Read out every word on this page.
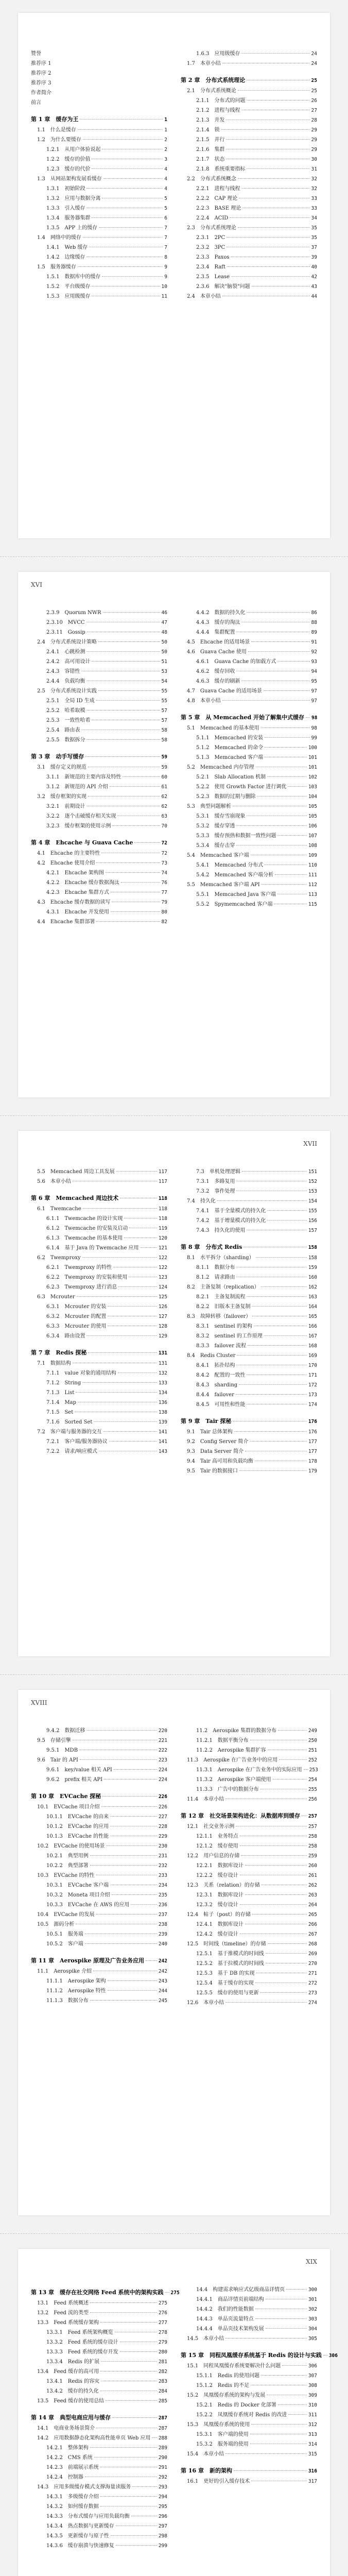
赞誉
推荐序 1
推荐序 2
推荐序 3
作者简介
前言
第 1 章　缓存为王	1
1.1　什么是缓存	1
1.2　为什么要缓存	2
1.2.1　从用户体验说起	2
1.2.2　缓存的价值	3
1.2.3　缓存的代价	4
1.3　从网站架构发展看缓存	4
1.3.1　初始阶段	4
1.3.2　应用与数据分离	5
1.3.3　引入缓存	5
1.3.4　服务器集群	6
1.3.5　APP 上的缓存	7
1.4　网络中的缓存	7
1.4.1　Web 缓存	7
1.4.2　边缘缓存	8
1.5　服务器缓存	9
1.5.1　数据库中的缓存	9
1.5.2　平台级缓存	10
1.5.3　应用级缓存	11
1.6.3　应用级缓存	24
1.7　本章小结	24
第 2 章　分布式系统理论	25
2.1　分布式系统概论	25
2.1.1　分布式的问题	26
2.1.2　进程与线程	27
2.1.3　并发	28
2.1.4　锁	29
2.1.5　并行	29
2.1.6　集群	29
2.1.7　状态	30
2.1.8　系统重要指标	31
2.2　分布式系统概念	32
2.2.1　进程与线程	32
2.2.2　CAP 理论	33
2.2.3　BASE 理论	33
2.2.4　ACID	34
2.3　分布式系统理论	35
2.3.1　2PC	35
2.3.2　3PC	37
2.3.3　Paxos	39
2.3.4　Raft	40
2.3.5　Lease	42
2.3.6　解决"脑裂"问题	43
2.4　本章小结	44
XVI
2.3.9　Quorum NWR	46
2.3.10　MVCC	47
2.3.11　Gossip	48
2.4　分布式系统设计策略	50
2.4.1　心跳检测	50
2.4.2　高可用设计	51
2.4.3　容错性	53
2.4.4　负载均衡	54
2.5　分布式系统设计实践	55
2.5.1　全局 ID 生成	55
2.5.2　哈希取模	57
2.5.3　一致性哈希	57
2.5.4　路由表	58
2.5.5　数据拆分	58
第 3 章　动手写缓存	59
3.1　缓存定义的规范	59
3.1.1　新规范的主要内容及特性	60
3.1.2　新规范的 API 介绍	61
3.2　缓存框架的实现	62
3.2.1　前期设计	62
3.2.2　逐个击破缓存相关实现	63
3.2.3　缓存框架的使用示例	70
第 4 章　Ehcache 与 Guava Cache	72
4.1　Ehcache 的主要特性	72
4.2　Ehcache 使用介绍	73
4.2.1　Ehcache 架构图	74
4.2.2　Ehcache 缓存数据淘汰	76
4.2.3　Ehcache 集群方式	77
4.3　Ehcache 缓存数据的读写	79
4.3.1　Ehcache 开发使用	80
4.4　Ehcache 集群部署	82
4.4.2　数据的持久化	86
4.4.3　缓存的淘汰	88
4.4.4　集群配置	89
4.5　Ehcache 的适用场景	91
4.6　Guava Cache 使用	92
4.6.1　Guava Cache 的加载方式	93
4.6.2　缓存回收	94
4.6.3　缓存的刷新	95
4.7　Guava Cache 的适用场景	97
4.8　本章小结	97
第 5 章　从 Memcached 开始了解集中式缓存 98
5.1　Memcached 的基本使用	98
5.1.1　Memcached 的安装	99
5.1.2　Memcached 的命令	100
5.1.3　Memcached 客户端	101
5.2　Memcached 内存管理	101
5.2.1　Slab Allocation 机制	102
5.2.2　使用 Growth Factor 进行调优	103
5.2.3　数据的过期与删除	104
5.3　典型问题解析	105
5.3.1　缓存雪崩现象	105
5.3.2　缓存穿透	106
5.3.3　缓存预热和数据一致性问题	107
5.3.4　缓存击穿	108
5.4　Memcached 客户端	109
5.4.1　Memcached 分布式	110
5.4.2　Memcached 客户端分析	111
5.5　Memcached 客户端 API	112
5.5.1　Memcached Java 客户端	113
5.5.2　Spymemcached 客户端	115
XVII
5.5　Memcached 周边工具发展	117
5.6　本章小结	117
第 6 章　Memcached 周边技术	118
6.1　Twemcache	118
6.1.1　Twemcache 的设计实现	118
6.1.2　Twemcache 的安装及启动	119
6.1.3　Twemcache 的基本使用	120
6.1.4　基于 Java 的 Twemcache 应用	121
6.2　Twemproxy	122
6.2.1　Twemproxy 的特性	122
6.2.2　Twemproxy 的安装和使用	123
6.2.3　Twemproxy 进行消息	124
6.3　Mcrouter	125
6.3.1　Mcrouter 的安装	126
6.3.2　Mcrouter 的配置	127
6.3.3　Mcrouter 的使用	128
6.3.4　路由设置	129
第 7 章　Redis 探秘	131
7.1　数据结构	131
7.1.1　value 对象的通用结构	132
7.1.2　String	133
7.1.3　List	134
7.1.4　Map	136
7.1.5　Set	138
7.1.6　Sorted Set	139
7.2　客户端与服务器的交互	141
7.2.1　客户端/服务器协议	141
7.2.2　请求/响应模式	143
7.3　单机处理逻辑	151
7.3.1　多路复用	152
7.3.2　事件处理	153
7.4　持久化	154
7.4.1　基于全量模式的持久化	155
7.4.2　基于增量模式的持久化	156
7.4.3　持久化的使用	157
第 8 章　分布式 Redis	158
8.1　水平拆分（sharding）	158
8.1.1　数据分布	159
8.1.2　请求路由	160
8.2　主备复制（replication）	162
8.2.1　主备复制流程	163
8.2.2　旧版本主备复制	164
8.3　故障转移（failover）	165
8.3.1　sentinel 的架构	166
8.3.2　sentinel 的工作原理	167
8.3.3　failover 流程	168
8.4　Redis Cluster	169
8.4.1　拓扑结构	170
8.4.2　配置的一致性	171
8.4.3　sharding	172
8.4.4　failover	173
8.4.5　可用性和性能	174
第 9 章　Tair 探秘	176
9.1　Tair 总体架构	176
9.2　Config Server 简介	177
9.3　Data Server 简介	177
9.4　Tair 高可用和负载均衡	178
9.5　Tair 的数据接口	179
XVIII
9.4.2　数据迁移	220
9.5　存储引擎	221
9.5.1　MDB	222
9.6　Tair 的 API	223
9.6.1　key/value 相关 API	224
9.6.2　prefix 相关 API	224
第 10 章　EVCache 探秘	226
10.1　EVCache 项目介绍	226
10.1.1　EVCache 的由来	227
10.1.2　EVCache 的应用	228
10.1.3　EVCache 的性能	229
10.2　EVCache 的使用场景	230
10.2.1　典型用例	231
10.2.2　典型部署	232
10.3　EVCache 的特性	233
10.3.1　EVCache 客户端	234
10.3.2　Moneta 项目介绍	235
10.3.3　EVCache 在 AWS 的应用	236
10.4　EVCache 的发展	237
10.5　源码分析	238
10.5.1　服务端	239
10.5.2　客户端	240
第 11 章　Aerospike 原理及广告业务应用	242
11.1　Aerospike 介绍	242
11.1.1　Aerospike 架构	243
11.1.2　Aerospike 特性	244
11.1.3　数据分布	245
11.2　Aerospike 集群的数据分布	249
11.2.1　数据平衡分布	250
11.2.2　Aerospike 集群扩容	251
11.3　Aerospike 在广告业务中的应用	252
11.3.1　Aerospike 在广告业务中的实际应用 253
11.3.2　Aerospike 客户端使用	254
11.3.3　广告中的数据分布	255
11.4　本章小结	256
第 12 章　社交场景架构进化：从数据库到缓存 257
12.1　社交业务示例	257
12.1.1　业务特点	258
12.1.2　缓存使用	258
12.2　用户信息的存储	259
12.2.1　数据库设计	260
12.2.2　缓存设计	261
12.3　关系（relation）的存储	262
12.3.1　数据库设计	263
12.3.2　缓存设计	264
12.4　帖子（post）的存储	265
12.4.1　数据库设计	266
12.4.2　缓存设计	267
12.5　时间线（timeline）的存储	268
12.5.1　基于推模式的时间线	269
12.5.2　基于拉模式的时间线	270
12.5.3　基于 DB 的实现	271
12.5.4　基于缓存的实现	272
12.5.5　缓存的使用与更新	273
12.6　本章小结	274
XIX
第 13 章　缓存在社交网络 Feed 系统中的架构实践 275
13.1　Feed 系统概述	275
13.2　Feed 流的类型	276
13.3　Feed 系统缓存架构	277
13.3.1　Feed 系统架构概览	278
13.3.2　Feed 系统的缓存设计	279
13.3.3　Feed 系统的缓存开发	280
13.3.4　Redis 的扩展	281
13.4　Feed 缓存的高可用	282
13.4.1　Redis 的容灾	283
13.4.2　缓存的持久化	284
13.5　Feed 缓存的使用总结	285
第 14 章　典型电商应用与缓存	287
14.1　电商业务场景简介	287
14.2　应用数据静态化架构高性能单页 Web 应用 288
14.2.1　整体架构	289
14.2.2　CMS 系统	290
14.2.3　前端展示系统	291
14.2.4　控制器	292
14.3　应用多级缓存模式支撑海量读服务	293
14.3.1　多级缓存介绍	294
14.3.2　如何缓存数据	295
14.3.3　分布式缓存与应用负载均衡	296
14.3.4　热点数据与更新缓存	297
14.3.5　更新缓存与原子性	298
14.3.6　缓存崩溃与快速修复	299
14.4　构建需求响应式亿级商品详情页	300
14.4.1　商品详情页前端结构	301
14.4.2　我们的性能数据	302
14.4.3　单品页流量特点	303
14.4.4　单品页技术架构发展	304
14.5　本章小结	305
第 15 章　同程凤凰缓存系统基于 Redis 的设计与实践 306
15.1　同程凤凰缓存系统要解决什么问题	306
15.1.1　Redis 的使用问题	307
15.1.2　Redis 的不足	308
15.2　凤凰缓存系统的架构与发展	309
15.2.1　Redis 的 Docker 化部署	310
15.2.2　凤凰缓存系统对 Redis 的改进	311
15.3　凤凰缓存系统的使用	312
15.3.1　客户端的使用	313
15.3.2　服务端的使用	314
15.4　本章小结	315
第 16 章　新的架构	316
16.1　更好的引入缓存技术	317
